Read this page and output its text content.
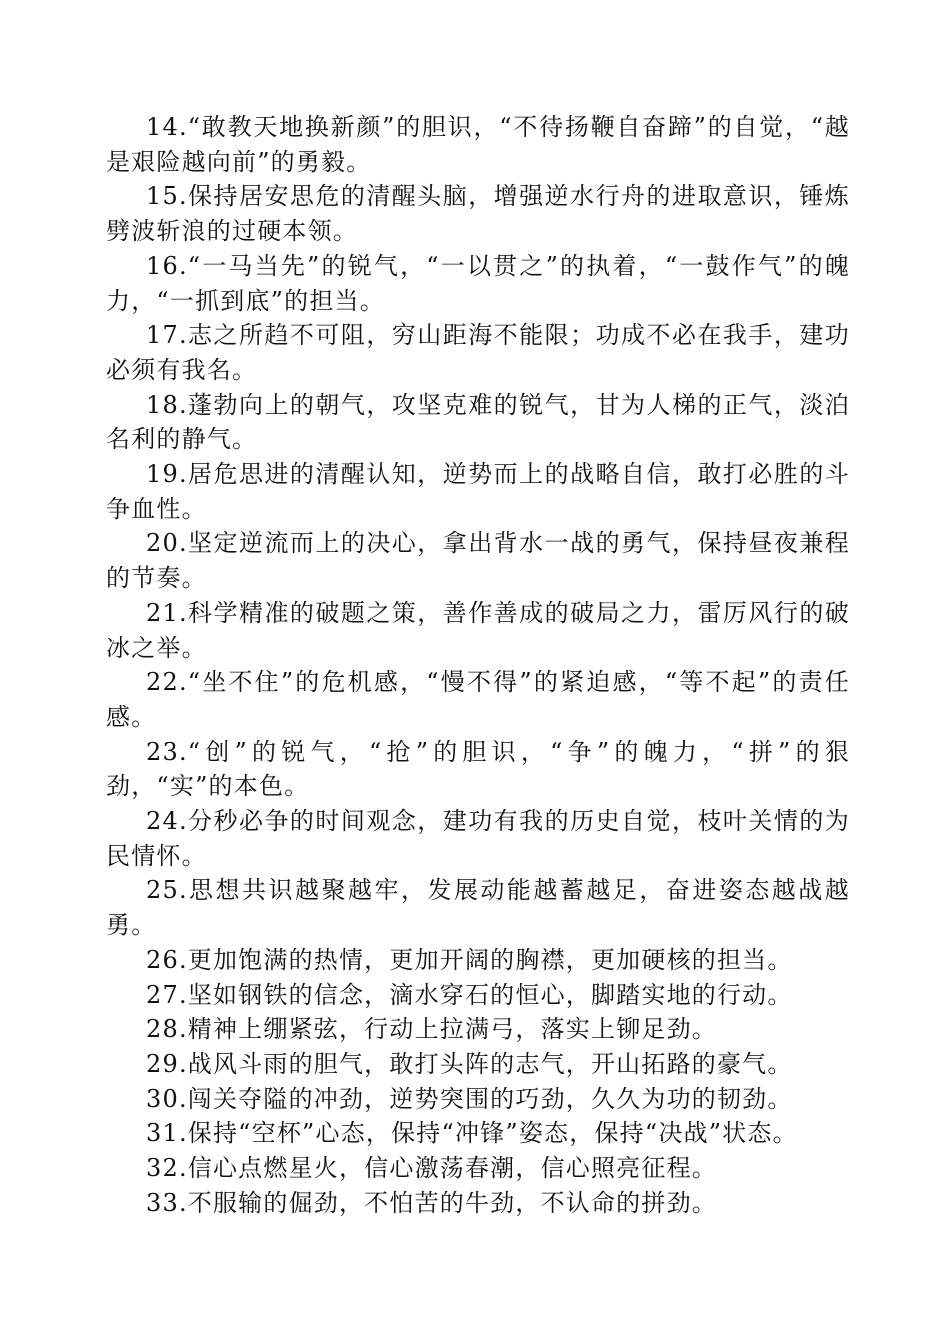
14.“敢教天地换新颜”的胆识，“不待扬鞭自奋蹄”的自觉，“越是艰险越向前”的勇毅。

15.保持居安思危的清醒头脑，增强逆水行舟的进取意识，锤炼劈波斩浪的过硬本领。

16.“一马当先”的锐气，“一以贯之”的执着，“一鼓作气”的魄力，“一抓到底”的担当。

17.志之所趋不可阻，穷山距海不能限；功成不必在我手，建功必须有我名。

18.蓬勃向上的朝气，攻坚克难的锐气，甘为人梯的正气，淡泊名利的静气。

19.居危思进的清醒认知，逆势而上的战略自信，敢打必胜的斗争血性。

20.坚定逆流而上的决心，拿出背水一战的勇气，保持昼夜兼程的节奏。

21.科学精准的破题之策，善作善成的破局之力，雷厉风行的破冰之举。

22.“坐不住”的危机感，“慢不得”的紧迫感，“等不起”的责任感。

23.“创”的锐气，“抢”的胆识，“争”的魄力，“拼”的狠劲，“实”的本色。

24.分秒必争的时间观念，建功有我的历史自觉，枝叶关情的为民情怀。

25.思想共识越聚越牢，发展动能越蓄越足，奋进姿态越战越勇。

26.更加饱满的热情，更加开阔的胸襟，更加硬核的担当。

27.坚如钢铁的信念，滴水穿石的恒心，脚踏实地的行动。

28.精神上绷紧弦，行动上拉满弓，落实上铆足劲。

29.战风斗雨的胆气，敢打头阵的志气，开山拓路的豪气。

30.闯关夺隘的冲劲，逆势突围的巧劲，久久为功的韧劲。

31.保持“空杯”心态，保持“冲锋”姿态，保持“决战”状态。

32.信心点燃星火，信心激荡春潮，信心照亮征程。

33.不服输的倔劲，不怕苦的牛劲，不认命的拼劲。
